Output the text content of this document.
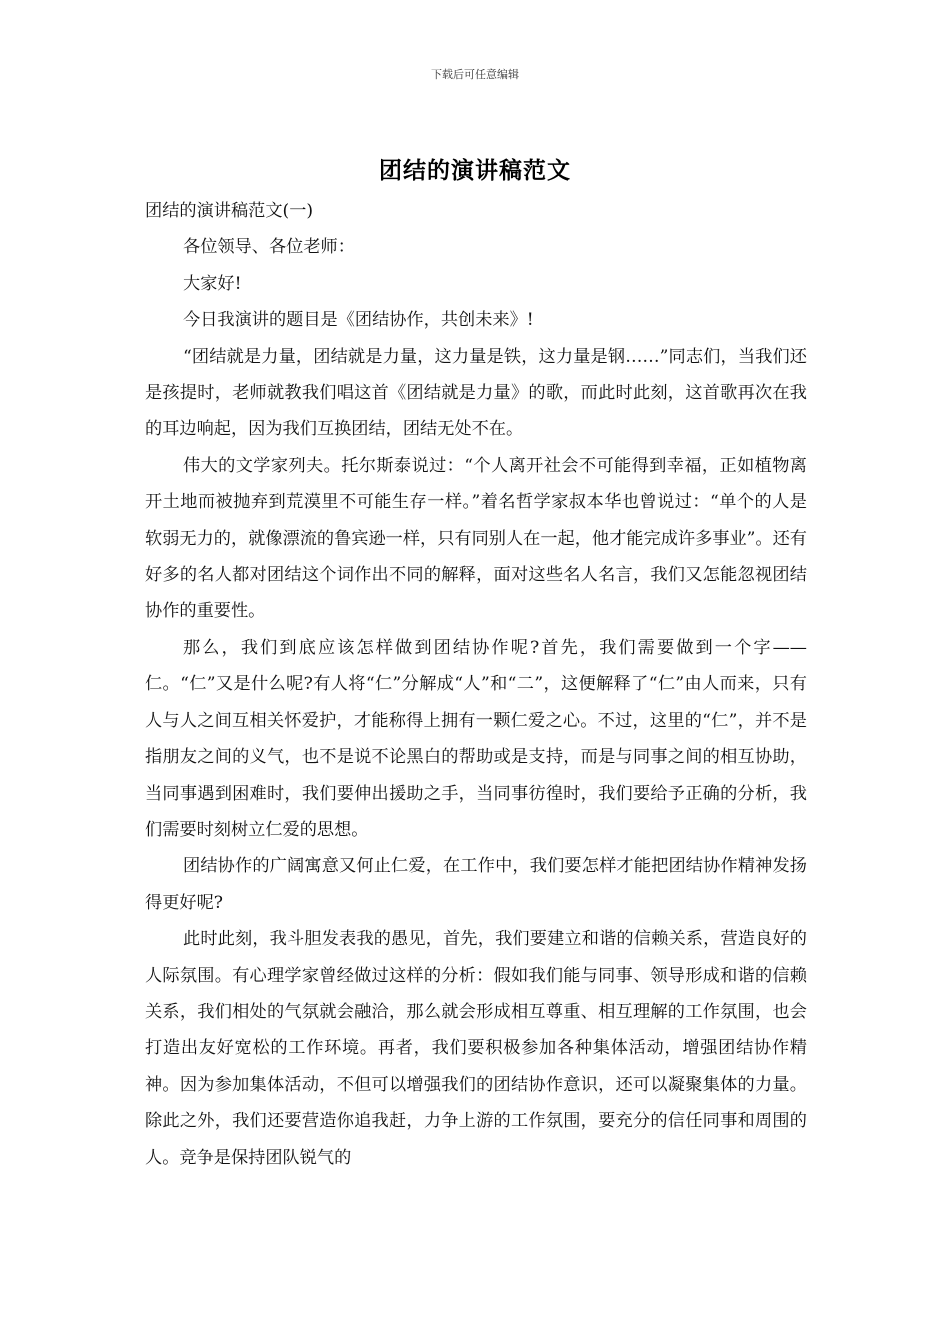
下载后可任意编辑
团结的演讲稿范文

团结的演讲稿范文(一)

各位领导、各位老师：

大家好!

今日我演讲的题目是《团结协作，共创未来》!

“团结就是力量，团结就是力量，这力量是铁，这力量是钢……”同志们，当我们还是孩提时，老师就教我们唱这首《团结就是力量》的歌，而此时此刻，这首歌再次在我的耳边响起，因为我们互换团结，团结无处不在。

伟大的文学家列夫。托尔斯泰说过：“个人离开社会不可能得到幸福，正如植物离开土地而被抛弃到荒漠里不可能生存一样。”着名哲学家叔本华也曾说过：“单个的人是软弱无力的，就像漂流的鲁宾逊一样，只有同别人在一起，他才能完成许多事业”。还有好多的名人都对团结这个词作出不同的解释，面对这些名人名言，我们又怎能忽视团结协作的重要性。

那么，我们到底应该怎样做到团结协作呢?首先，我们需要做到一个字——仁。“仁”又是什么呢?有人将“仁”分解成“人”和“二”，这便解释了“仁”由人而来，只有人与人之间互相关怀爱护，才能称得上拥有一颗仁爱之心。不过，这里的“仁”，并不是指朋友之间的义气，也不是说不论黑白的帮助或是支持，而是与同事之间的相互协助，当同事遇到困难时，我们要伸出援助之手，当同事彷徨时，我们要给予正确的分析，我们需要时刻树立仁爱的思想。

团结协作的广阔寓意又何止仁爱，在工作中，我们要怎样才能把团结协作精神发扬得更好呢?

此时此刻，我斗胆发表我的愚见，首先，我们要建立和谐的信赖关系，营造良好的人际氛围。有心理学家曾经做过这样的分析：假如我们能与同事、领导形成和谐的信赖关系，我们相处的气氛就会融洽，那么就会形成相互尊重、相互理解的工作氛围，也会打造出友好宽松的工作环境。再者，我们要积极参加各种集体活动，增强团结协作精神。因为参加集体活动，不但可以增强我们的团结协作意识，还可以凝聚集体的力量。除此之外，我们还要营造你追我赶，力争上游的工作氛围，要充分的信任同事和周围的人。竞争是保持团队锐气的
